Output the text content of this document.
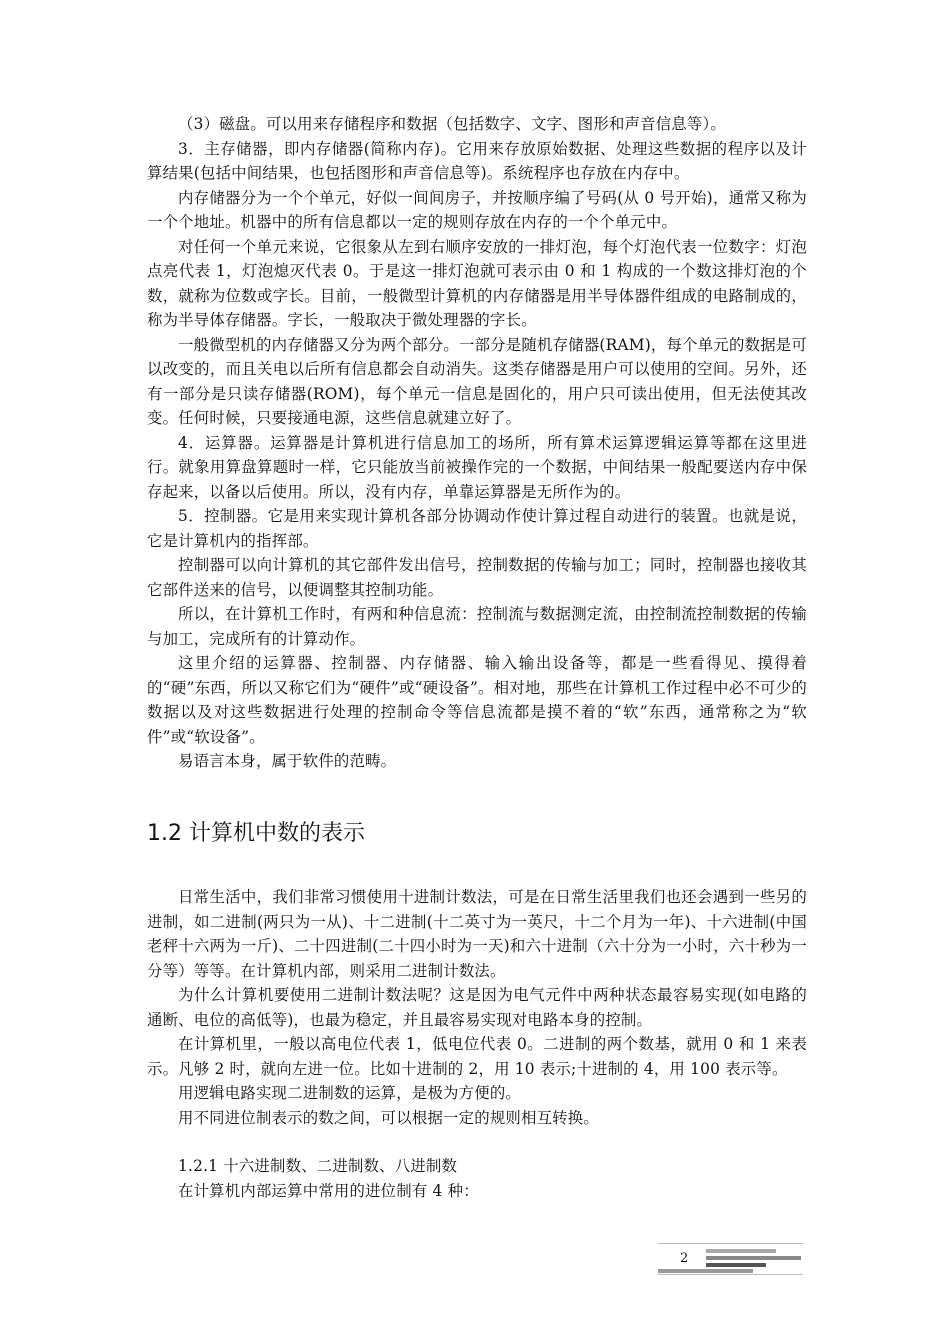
（3）磁盘。可以用来存储程序和数据（包括数字、文字、图形和声音信息等）。

3．主存储器，即内存储器(简称内存)。它用来存放原始数据、处理这些数据的程序以及计算结果(包括中间结果，也包括图形和声音信息等)。系统程序也存放在内存中。

内存储器分为一个个单元，好似一间间房子，并按顺序编了号码(从 0 号开始)，通常又称为一个个地址。机器中的所有信息都以一定的规则存放在内存的一个个单元中。

对任何一个单元来说，它很象从左到右顺序安放的一排灯泡，每个灯泡代表一位数字：灯泡点亮代表 1，灯泡熄灭代表 0。于是这一排灯泡就可表示由 0 和 1 构成的一个数这排灯泡的个数，就称为位数或字长。目前，一般微型计算机的内存储器是用半导体器件组成的电路制成的，称为半导体存储器。字长，一般取决于微处理器的字长。

一般微型机的内存储器又分为两个部分。一部分是随机存储器(RAM)，每个单元的数据是可以改变的，而且关电以后所有信息都会自动消失。这类存储器是用户可以使用的空间。另外，还有一部分是只读存储器(ROM)，每个单元一信息是固化的，用户只可读出使用，但无法使其改变。任何时候，只要接通电源，这些信息就建立好了。

4．运算器。运算器是计算机进行信息加工的场所，所有算术运算逻辑运算等都在这里进行。就象用算盘算题时一样，它只能放当前被操作完的一个数据，中间结果一般配要送内存中保存起来，以备以后使用。所以，没有内存，单靠运算器是无所作为的。

5．控制器。它是用来实现计算机各部分协调动作使计算过程自动进行的装置。也就是说，它是计算机内的指挥部。

控制器可以向计算机的其它部件发出信号，控制数据的传输与加工；同时，控制器也接收其它部件送来的信号，以便调整其控制功能。

所以，在计算机工作时，有两和种信息流：控制流与数据测定流，由控制流控制数据的传输与加工，完成所有的计算动作。

这里介绍的运算器、控制器、内存储器、输入输出设备等，都是一些看得见、摸得着的“硬”东西，所以又称它们为“硬件”或“硬设备”。相对地，那些在计算机工作过程中必不可少的数据以及对这些数据进行处理的控制命令等信息流都是摸不着的“软”东西，通常称之为“软件”或“软设备”。

易语言本身，属于软件的范畴。

1.2 计算机中数的表示

日常生活中，我们非常习惯使用十进制计数法，可是在日常生活里我们也还会遇到一些另的进制，如二进制(两只为一从)、十二进制(十二英寸为一英尺，十二个月为一年)、十六进制(中国老秤十六两为一斤)、二十四进制(二十四小时为一天)和六十进制（六十分为一小时，六十秒为一分等）等等。在计算机内部，则采用二进制计数法。

为什么计算机要使用二进制计数法呢？这是因为电气元件中两种状态最容易实现(如电路的通断、电位的高低等)，也最为稳定，并且最容易实现对电路本身的控制。

在计算机里，一般以高电位代表 1，低电位代表 0。二进制的两个数基，就用 0 和 1 来表示。凡够 2 时，就向左进一位。比如十进制的 2，用 10 表示;十进制的 4，用 100 表示等。

用逻辑电路实现二进制数的运算，是极为方便的。

用不同进位制表示的数之间，可以根据一定的规则相互转换。

1.2.1 十六进制数、二进制数、八进制数

在计算机内部运算中常用的进位制有 4 种：

2
